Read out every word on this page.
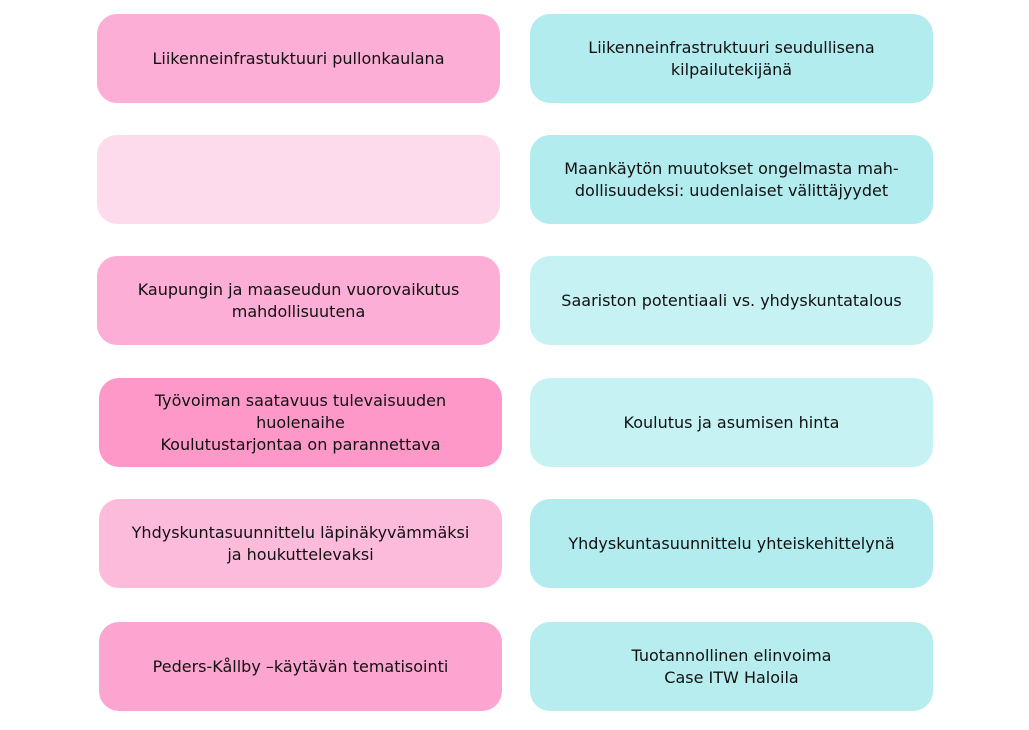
Liikenneinfrastuktuuri pullonkaulana
Kaupungin ja maaseudun vuorovaikutus
mahdollisuutena
Työvoiman saatavuus tulevaisuuden
huolenaihe
Koulutustarjontaa on parannettava
Yhdyskuntasuunnittelu läpinäkyvämmäksi
ja houkuttelevaksi
Peders-Kållby –käytävän tematisointi
Liikenneinfrastruktuuri seudullisena
kilpailutekijänä
Maankäytön muutokset ongelmasta mah-
dollisuudeksi: uudenlaiset välittäjyydet
Saariston potentiaali vs. yhdyskuntatalous
Koulutus ja asumisen hinta
Yhdyskuntasuunnittelu yhteiskehittelynä
Tuotannollinen elinvoima
Case ITW Haloila
